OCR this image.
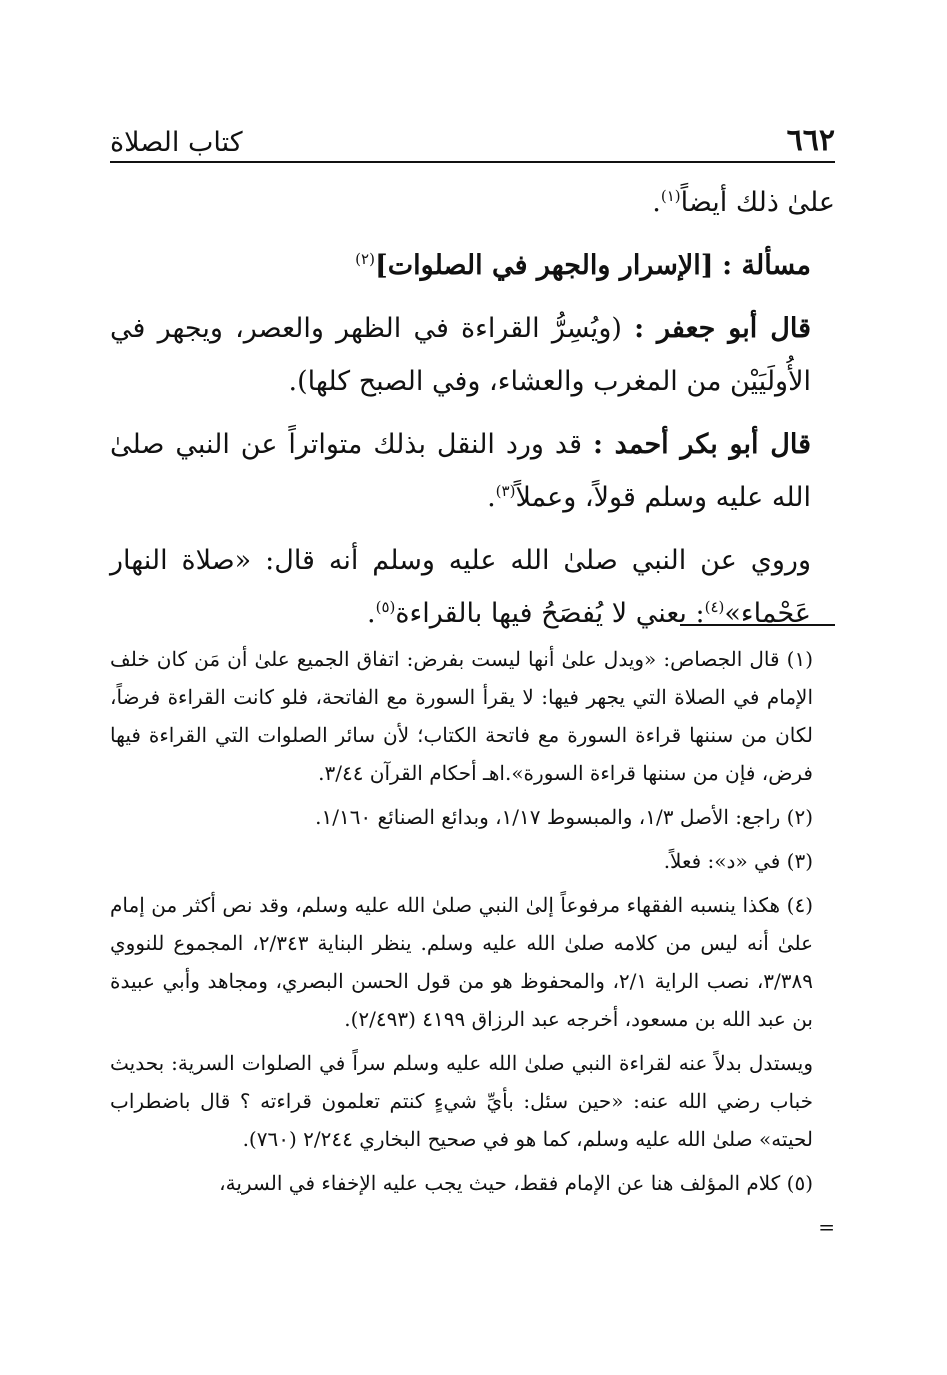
٦٦٢
كتاب الصلاة

علىٰ ذلك أيضاً$^{(١)}$.

مسألة : [الإسرار والجهر في الصلوات]$^{(٢)}$

قال أبو جعفر : (ويُسِرُّ القراءة في الظهر والعصر، ويجهر في الأُولَيَيْن من المغرب والعشاء، وفي الصبح كلها).

قال أبو بكر أحمد : قد ورد النقل بذلك متواتراً عن النبي صلىٰ الله عليه وسلم قولاً، وعملاً$^{(٣)}$.

وروي عن النبي صلىٰ الله عليه وسلم أنه قال: «صلاة النهار عَجْماء»$^{(٤)}$: يعني لا يُفصَحُ فيها بالقراءة$^{(٥)}$.

(١) قال الجصاص: «ويدل علىٰ أنها ليست بفرض: اتفاق الجميع علىٰ أن مَن كان خلف الإمام في الصلاة التي يجهر فيها: لا يقرأ السورة مع الفاتحة، فلو كانت القراءة فرضاً، لكان من سننها قراءة السورة مع فاتحة الكتاب؛ لأن سائر الصلوات التي القراءة فيها فرض، فإن من سننها قراءة السورة».اهـ أحكام القرآن ٣/٤٤.

(٢) راجع: الأصل ١/٣، والمبسوط ١/١٧، وبدائع الصنائع ١/١٦٠.

(٣) في «د»: فعلاً.

(٤) هكذا ينسبه الفقهاء مرفوعاً إلىٰ النبي صلىٰ الله عليه وسلم، وقد نص أكثر من إمام علىٰ أنه ليس من كلامه صلىٰ الله عليه وسلم. ينظر البناية ٢/٣٤٣، المجموع للنووي ٣/٣٨٩، نصب الراية ٢/١، والمحفوظ هو من قول الحسن البصري، ومجاهد وأبي عبيدة بن عبد الله بن مسعود، أخرجه عبد الرزاق ٤١٩٩ (٢/٤٩٣).

ويستدل بدلاً عنه لقراءة النبي صلىٰ الله عليه وسلم سراً في الصلوات السرية: بحديث خباب رضي الله عنه: «حين سئل: بأيِّ شيءٍ كنتم تعلمون قراءته ؟ قال باضطراب لحيته» صلىٰ الله عليه وسلم، كما هو في صحيح البخاري ٢/٢٤٤ (٧٦٠).

(٥) كلام المؤلف هنا عن الإمام فقط، حيث يجب عليه الإخفاء في السرية،

=
